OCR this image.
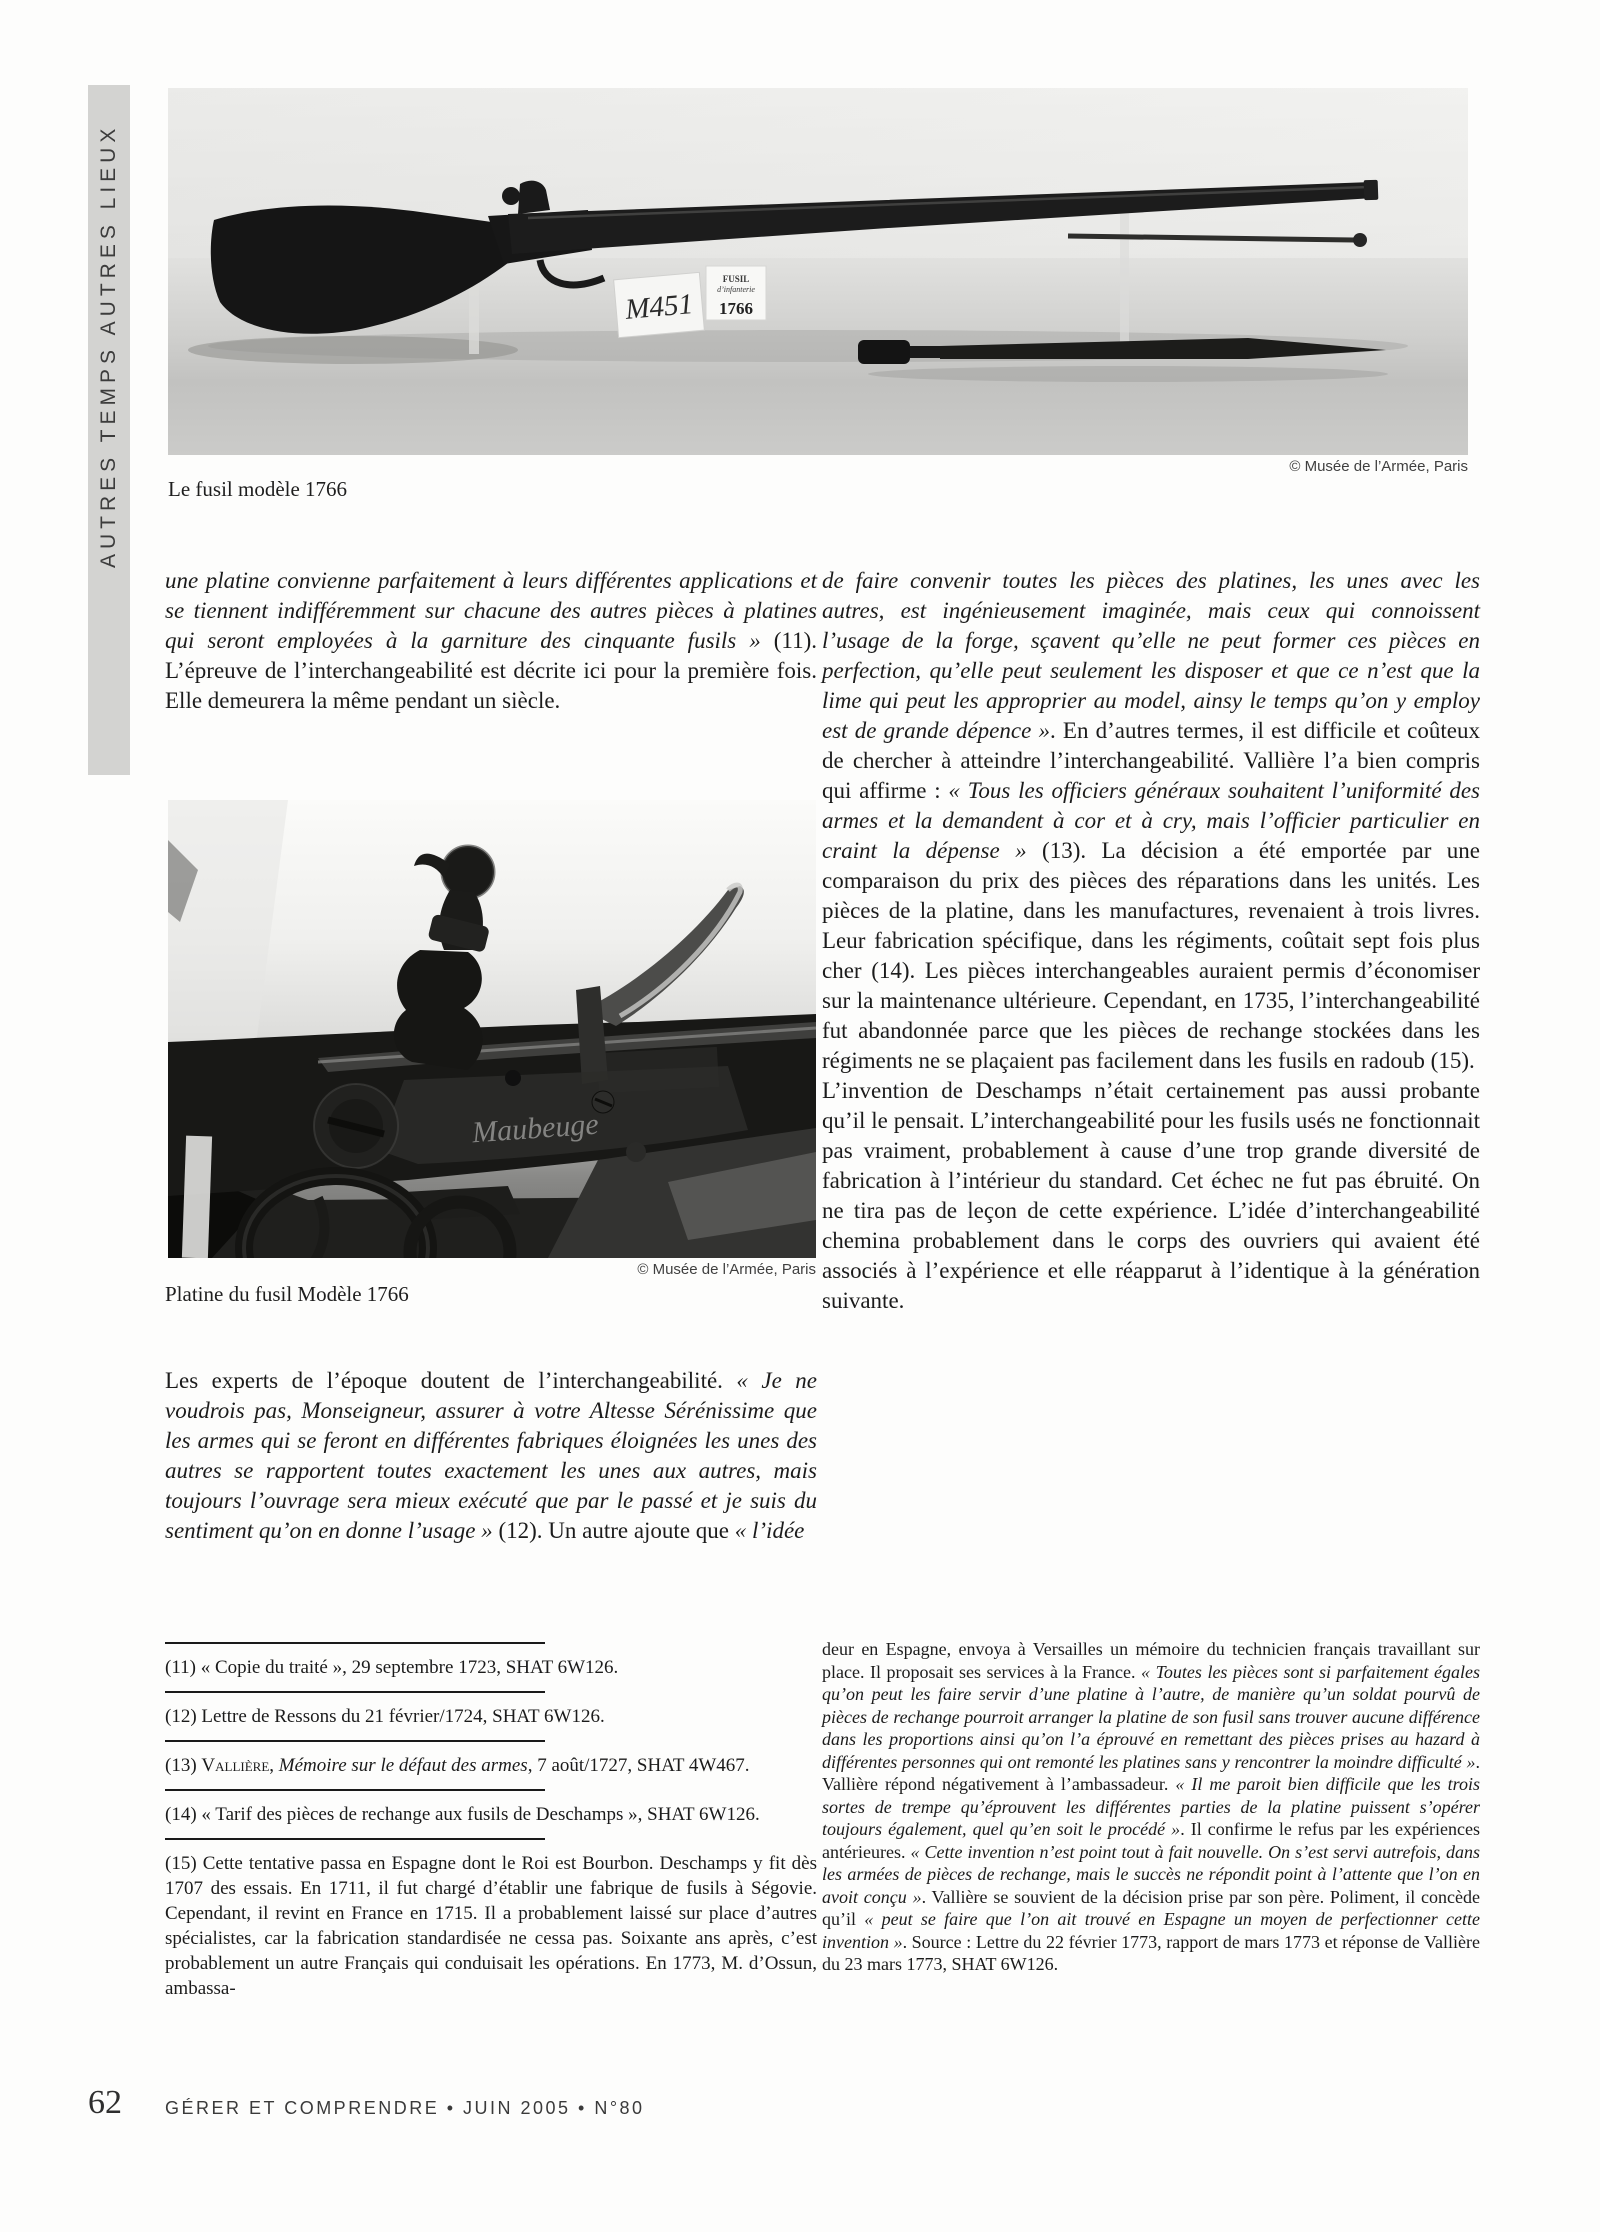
AUTRES TEMPS AUTRES LIEUX	M451
FUSIL
d’infanterie
1766
© Musée de l’Armée, Paris
Le fusil modèle 1766

une platine convienne parfaitement à leurs différentes applications et se tiennent indifféremment sur chacune des autres pièces à platines qui seront employées à la garniture des cinquante fusils » (11). L’épreuve de l’interchangeabilité est décrite ici pour la première fois. Elle demeurera la même pendant un siècle.

Maubeuge
© Musée de l’Armée, Paris
Platine du fusil Modèle 1766

Les experts de l’époque doutent de l’interchangeabilité. « Je ne voudrois pas, Monseigneur, assurer à votre Altesse Sérénissime que les armes qui se feront en différentes fabriques éloignées les unes des autres se rapportent toutes exactement les unes aux autres, mais toujours l’ouvrage sera mieux exécuté que par le passé et je suis du sentiment qu’on en donne l’usage » (12). Un autre ajoute que « l’idée

(11) « Copie du traité », 29 septembre 1723, SHAT 6W126.
(12) Lettre de Ressons du 21 février/1724, SHAT 6W126.
(13) Vallière, Mémoire sur le défaut des armes, 7 août/1727, SHAT 4W467.
(14) « Tarif des pièces de rechange aux fusils de Deschamps », SHAT 6W126.
(15) Cette tentative passa en Espagne dont le Roi est Bourbon. Deschamps y fit dès 1707 des essais. En 1711, il fut chargé d’établir une fabrique de fusils à Ségovie. Cependant, il revint en France en 1715. Il a probablement laissé sur place d’autres spécialistes, car la fabrication standardisée ne cessa pas. Soixante ans après, c’est probablement un autre Français qui conduisait les opérations. En 1773, M. d’Ossun, ambassa-

de faire convenir toutes les pièces des platines, les unes avec les autres, est ingénieusement imaginée, mais ceux qui connoissent l’usage de la forge, sçavent qu’elle ne peut former ces pièces en perfection, qu’elle peut seulement les disposer et que ce n’est que la lime qui peut les approprier au model, ainsy le temps qu’on y employ est de grande dépence ». En d’autres termes, il est difficile et coûteux de chercher à atteindre l’interchangeabilité. Vallière l’a bien compris qui affirme : « Tous les officiers généraux souhaitent l’uniformité des armes et la demandent à cor et à cry, mais l’officier particulier en craint la dépense » (13). La décision a été emportée par une comparaison du prix des pièces des réparations dans les unités. Les pièces de la platine, dans les manufactures, revenaient à trois livres. Leur fabrication spécifique, dans les régiments, coûtait sept fois plus cher (14). Les pièces interchangeables auraient permis d’économiser sur la maintenance ultérieure. Cependant, en 1735, l’interchangeabilité fut abandonnée parce que les pièces de rechange stockées dans les régiments ne se plaçaient pas facilement dans les fusils en radoub (15).

L’invention de Deschamps n’était certainement pas aussi probante qu’il le pensait. L’interchangeabilité pour les fusils usés ne fonctionnait pas vraiment, probablement à cause d’une trop grande diversité de fabrication à l’intérieur du standard. Cet échec ne fut pas ébruité. On ne tira pas de leçon de cette expérience. L’idée d’interchangeabilité chemina probablement dans le corps des ouvriers qui avaient été associés à l’expérience et elle réapparut à l’identique à la génération suivante.

deur en Espagne, envoya à Versailles un mémoire du technicien français travaillant sur place. Il proposait ses services à la France. « Toutes les pièces sont si parfaitement égales qu’on peut les faire servir d’une platine à l’autre, de manière qu’un soldat pourvû de pièces de rechange pourroit arranger la platine de son fusil sans trouver aucune différence dans les proportions ainsi qu’on l’a éprouvé en remettant des pièces prises au hazard à différentes personnes qui ont remonté les platines sans y rencontrer la moindre difficulté ». Vallière répond négativement à l’ambassadeur. « Il me paroit bien difficile que les trois sortes de trempe qu’éprouvent les différentes parties de la platine puissent s’opérer toujours également, quel qu’en soit le procédé ». Il confirme le refus par les expériences antérieures. « Cette invention n’est point tout à fait nouvelle. On s’est servi autrefois, dans les armées de pièces de rechange, mais le succès ne répondit point à l’attente que l’on en avoit conçu ». Vallière se souvient de la décision prise par son père. Poliment, il concède qu’il « peut se faire que l’on ait trouvé en Espagne un moyen de perfectionner cette invention ». Source : Lettre du 22 février 1773, rapport de mars 1773 et réponse de Vallière du 23 mars 1773, SHAT 6W126.

62 GÉRER ET COMPRENDRE • JUIN 2005 • N°80
